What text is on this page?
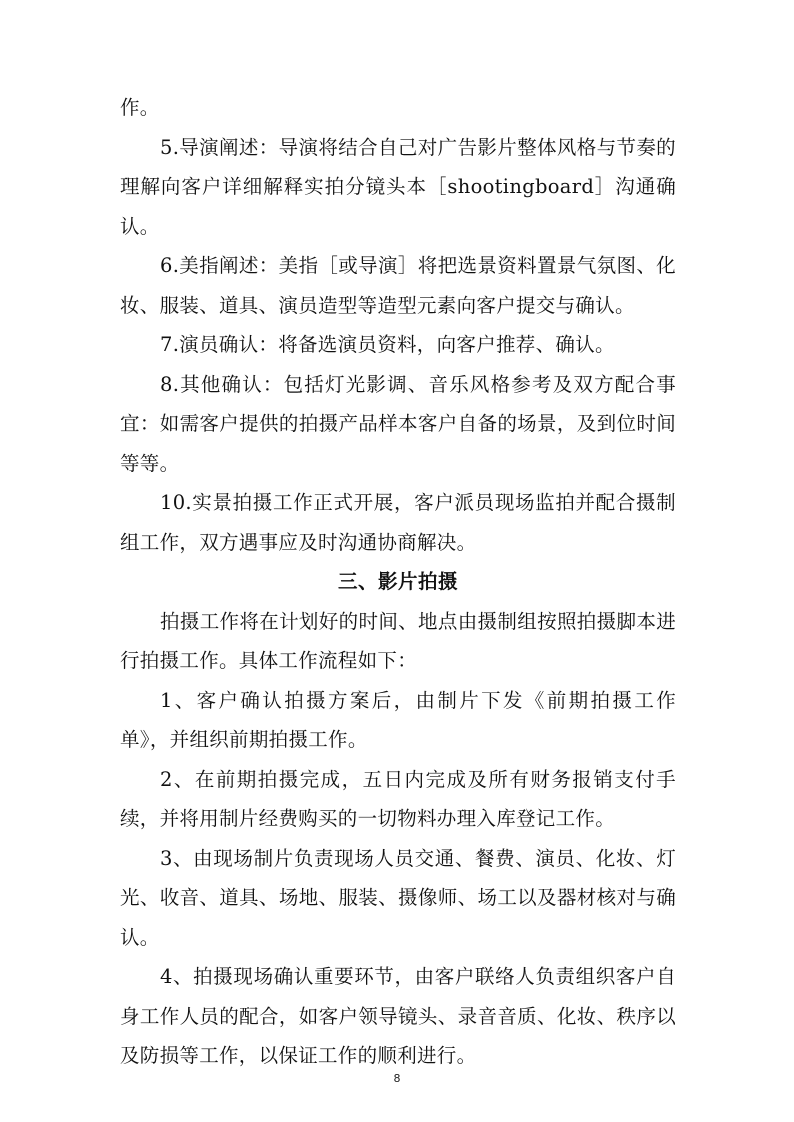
作。

5.导演阐述：导演将结合自己对广告影片整体风格与节奏的理解向客户详细解释实拍分镜头本［shootingboard］沟通确认。

6.美指阐述：美指［或导演］将把选景资料置景气氛图、化妆、服装、道具、演员造型等造型元素向客户提交与确认。

7.演员确认：将备选演员资料，向客户推荐、确认。

8.其他确认：包括灯光影调、音乐风格参考及双方配合事宜：如需客户提供的拍摄产品样本客户自备的场景，及到位时间等等。

10.实景拍摄工作正式开展，客户派员现场监拍并配合摄制组工作，双方遇事应及时沟通协商解决。

三、影片拍摄

拍摄工作将在计划好的时间、地点由摄制组按照拍摄脚本进行拍摄工作。具体工作流程如下：

1、客户确认拍摄方案后，由制片下发《前期拍摄工作单》，并组织前期拍摄工作。

2、在前期拍摄完成，五日内完成及所有财务报销支付手续，并将用制片经费购买的一切物料办理入库登记工作。

3、由现场制片负责现场人员交通、餐费、演员、化妆、灯光、收音、道具、场地、服装、摄像师、场工以及器材核对与确认。

4、拍摄现场确认重要环节，由客户联络人负责组织客户自身工作人员的配合，如客户领导镜头、录音音质、化妆、秩序以及防损等工作，以保证工作的顺利进行。

8
